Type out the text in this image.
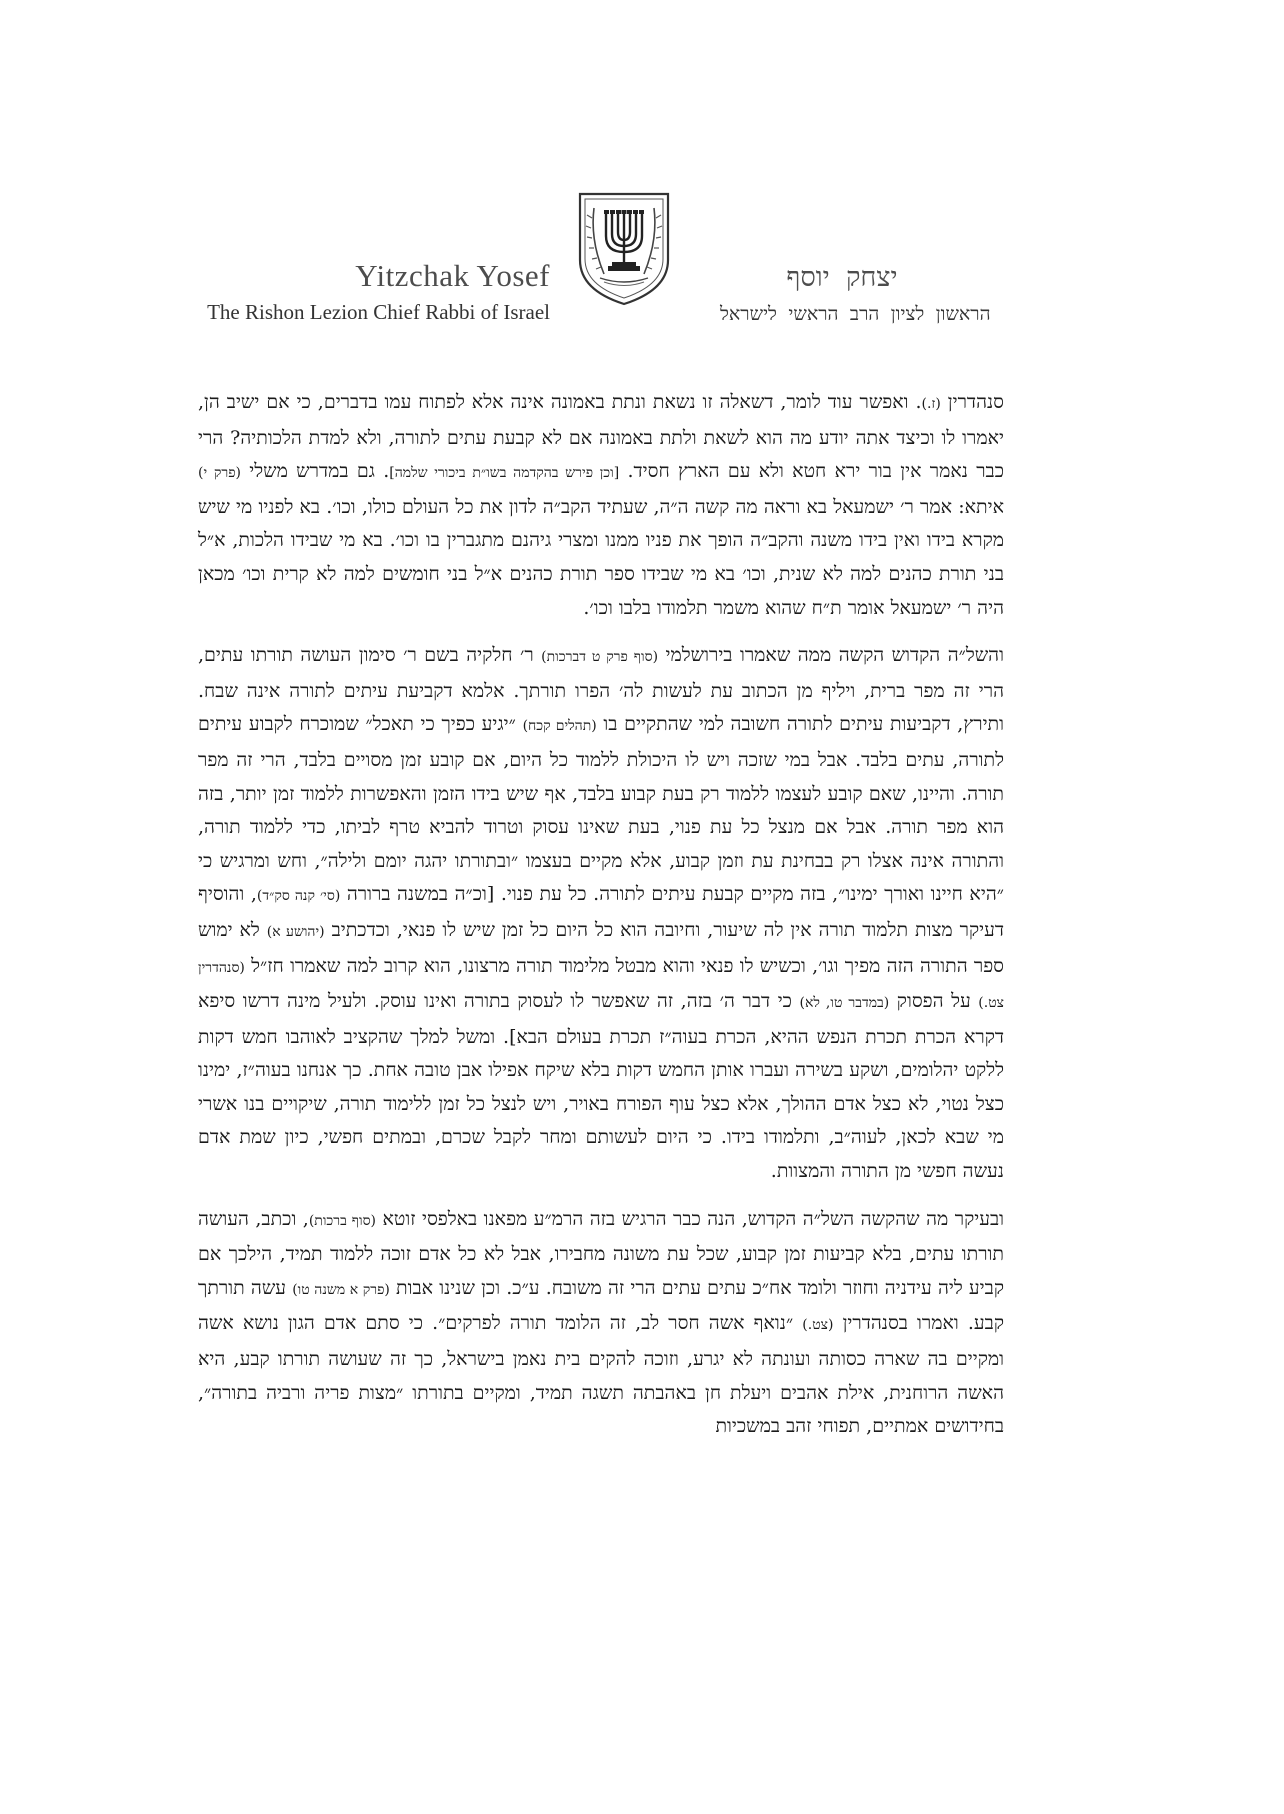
Yitzchak Yosef
The Rishon Lezion Chief Rabbi of Israel
יצחק יוסף
הראשון לציון הרב הראשי לישראל

סנהדרין (ז.). ואפשר עוד לומר, דשאלה זו נשאת ונתת באמונה אינה אלא לפתוח עמו בדברים, כי אם ישיב הן, יאמרו לו וכיצד אתה יודע מה הוא לשאת ולתת באמונה אם לא קבעת עתים לתורה, ולא למדת הלכותיה? הרי כבר נאמר אין בור ירא חטא ולא עם הארץ חסיד. [וכן פירש בהקדמה בשו״ת ביכורי שלמה]. גם במדרש משלי (פרק י) איתא: אמר ר׳ ישמעאל בא וראה מה קשה ה״ה, שעתיד הקב״ה לדון את כל העולם כולו, וכו׳. בא לפניו מי שיש מקרא בידו ואין בידו משנה והקב״ה הופך את פניו ממנו ומצרי גיהנם מתגברין בו וכו׳. בא מי שבידו הלכות, א״ל בני תורת כהנים למה לא שנית, וכו׳ בא מי שבידו ספר תורת כהנים א״ל בני חומשים למה לא קרית וכו׳ מכאן היה ר׳ ישמעאל אומר ת״ח שהוא משמר תלמודו בלבו וכו׳.

והשל״ה הקדוש הקשה ממה שאמרו בירושלמי (סוף פרק ט דברכות) ר׳ חלקיה בשם ר׳ סימון העושה תורתו עתים, הרי זה מפר ברית, ויליף מן הכתוב עת לעשות לה׳ הפרו תורתך. אלמא דקביעת עיתים לתורה אינה שבח. ותירץ, דקביעות עיתים לתורה חשובה למי שהתקיים בו (תהלים קכח) ״יגיע כפיך כי תאכל״ שמוכרח לקבוע עיתים לתורה, עתים בלבד. אבל במי שזכה ויש לו היכולת ללמוד כל היום, אם קובע זמן מסויים בלבד, הרי זה מפר תורה. והיינו, שאם קובע לעצמו ללמוד רק בעת קבוע בלבד, אף שיש בידו הזמן והאפשרות ללמוד זמן יותר, בזה הוא מפר תורה. אבל אם מנצל כל עת פנוי, בעת שאינו עסוק וטרוד להביא טרף לביתו, כדי ללמוד תורה, והתורה אינה אצלו רק בבחינת עת וזמן קבוע, אלא מקיים בעצמו ״ובתורתו יהגה יומם ולילה״, וחש ומרגיש כי ״היא חיינו ואורך ימינו״, בזה מקיים קבעת עיתים לתורה. כל עת פנוי. [וכ״ה במשנה ברורה (סי׳ קנה סק״ד), והוסיף דעיקר מצות תלמוד תורה אין לה שיעור, וחיובה הוא כל היום כל זמן שיש לו פנאי, וכדכתיב (יהושע א) לא ימוש ספר התורה הזה מפיך וגו׳, וכשיש לו פנאי והוא מבטל מלימוד תורה מרצונו, הוא קרוב למה שאמרו חז״ל (סנהדרין צט.) על הפסוק (במדבר טו, לא) כי דבר ה׳ בזה, זה שאפשר לו לעסוק בתורה ואינו עוסק. ולעיל מינה דרשו סיפא דקרא הכרת תכרת הנפש ההיא, הכרת בעוה״ז תכרת בעולם הבא]. ומשל למלך שהקציב לאוהבו חמש דקות ללקט יהלומים, ושקע בשירה ועברו אותן החמש דקות בלא שיקח אפילו אבן טובה אחת. כך אנחנו בעוה״ז, ימינו כצל נטוי, לא כצל אדם ההולך, אלא כצל עוף הפורח באויר, ויש לנצל כל זמן ללימוד תורה, שיקויים בנו אשרי מי שבא לכאן, לעוה״ב, ותלמודו בידו. כי היום לעשותם ומחר לקבל שכרם, ובמתים חפשי, כיון שמת אדם נעשה חפשי מן התורה והמצוות.

ובעיקר מה שהקשה השל״ה הקדוש, הנה כבר הרגיש בזה הרמ״ע מפאנו באלפסי זוטא (סוף ברכות), וכתב, העושה תורתו עתים, בלא קביעות זמן קבוע, שכל עת משונה מחבירו, אבל לא כל אדם זוכה ללמוד תמיד, הילכך אם קביע ליה עידניה וחוזר ולומד אח״כ עתים עתים הרי זה משובח. ע״כ. וכן שנינו אבות (פרק א משנה טו) עשה תורתך קבע. ואמרו בסנהדרין (צט.) ״נואף אשה חסר לב, זה הלומד תורה לפרקים״. כי סתם אדם הגון נושא אשה ומקיים בה שארה כסותה ועונתה לא יגרע, וזוכה להקים בית נאמן בישראל, כך זה שעושה תורתו קבע, היא האשה הרוחנית, אילת אהבים ויעלת חן באהבתה תשגה תמיד, ומקיים בתורתו ״מצות פריה ורביה בתורה״, בחידושים אמתיים, תפוחי זהב במשכיות
